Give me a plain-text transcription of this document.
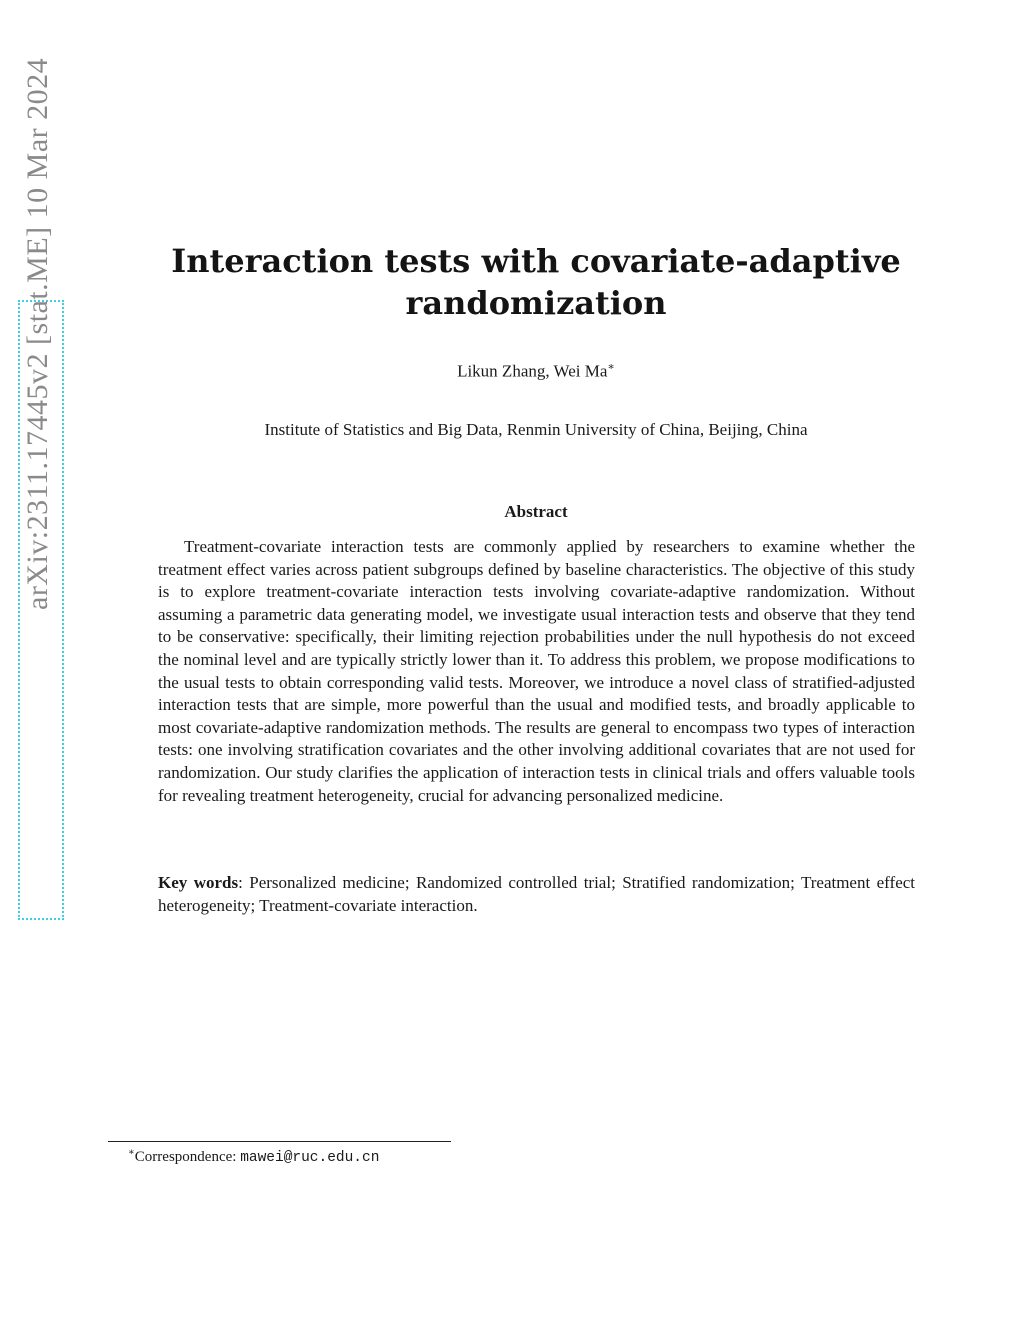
arXiv:2311.17445v2 [stat.ME] 10 Mar 2024	Interaction tests with covariate-adaptive randomization

Likun Zhang, Wei Ma∗

Institute of Statistics and Big Data, Renmin University of China, Beijing, China

Abstract

Treatment-covariate interaction tests are commonly applied by researchers to examine whether the treatment effect varies across patient subgroups defined by baseline characteristics. The objective of this study is to explore treatment-covariate interaction tests involving covariate-adaptive randomization. Without assuming a parametric data generating model, we investigate usual interaction tests and observe that they tend to be conservative: specifically, their limiting rejection probabilities under the null hypothesis do not exceed the nominal level and are typically strictly lower than it. To address this problem, we propose modifications to the usual tests to obtain corresponding valid tests. Moreover, we introduce a novel class of stratified-adjusted interaction tests that are simple, more powerful than the usual and modified tests, and broadly applicable to most covariate-adaptive randomization methods. The results are general to encompass two types of interaction tests: one involving stratification covariates and the other involving additional covariates that are not used for randomization. Our study clarifies the application of interaction tests in clinical trials and offers valuable tools for revealing treatment heterogeneity, crucial for advancing personalized medicine.

Key words: Personalized medicine; Randomized controlled trial; Stratified randomization; Treatment effect heterogeneity; Treatment-covariate interaction.

∗Correspondence: mawei@ruc.edu.cn
